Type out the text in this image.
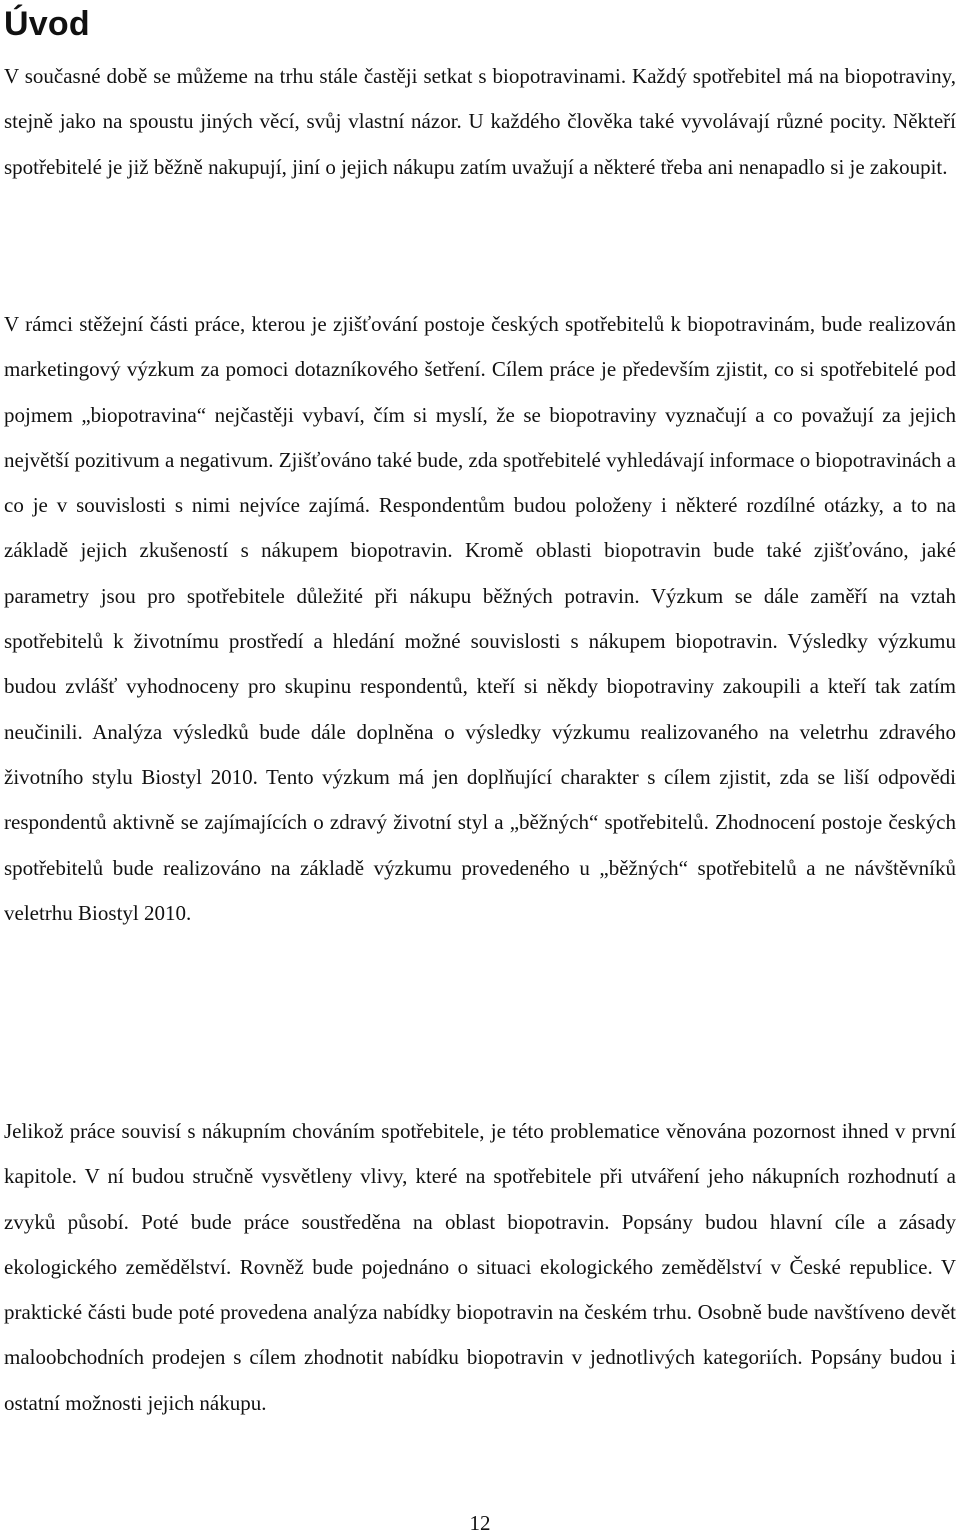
Úvod

V současné době se můžeme na trhu stále častěji setkat s biopotravinami. Každý spotřebitel má na biopotraviny, stejně jako na spoustu jiných věcí, svůj vlastní názor. U každého člověka také vyvolávají různé pocity. Někteří spotřebitelé je již běžně nakupují, jiní o jejich nákupu zatím uvažují a některé třeba ani nenapadlo si je zakoupit.

V rámci stěžejní části práce, kterou je zjišťování postoje českých spotřebitelů k biopotravinám, bude realizován marketingový výzkum za pomoci dotazníkového šetření. Cílem práce je především zjistit, co si spotřebitelé pod pojmem „biopotravina“ nejčastěji vybaví, čím si myslí, že se biopotraviny vyznačují a co považují za jejich největší pozitivum a negativum. Zjišťováno také bude, zda spotřebitelé vyhledávají informace o biopotravinách a co je v souvislosti s nimi nejvíce zajímá. Respondentům budou položeny i některé rozdílné otázky, a to na základě jejich zkušeností s nákupem biopotravin. Kromě oblasti biopotravin bude také zjišťováno, jaké parametry jsou pro spotřebitele důležité při nákupu běžných potravin. Výzkum se dále zaměří na vztah spotřebitelů k životnímu prostředí a hledání možné souvislosti s nákupem biopotravin. Výsledky výzkumu budou zvlášť vyhodnoceny pro skupinu respondentů, kteří si někdy biopotraviny zakoupili a kteří tak zatím neučinili. Analýza výsledků bude dále doplněna o výsledky výzkumu realizovaného na veletrhu zdravého životního stylu Biostyl 2010. Tento výzkum má jen doplňující charakter s cílem zjistit, zda se liší odpovědi respondentů aktivně se zajímajících o zdravý životní styl a „běžných“ spotřebitelů. Zhodnocení postoje českých spotřebitelů bude realizováno na základě výzkumu provedeného u „běžných“ spotřebitelů a ne návštěvníků veletrhu Biostyl 2010.

Jelikož práce souvisí s nákupním chováním spotřebitele, je této problematice věnována pozornost ihned v první kapitole. V ní budou stručně vysvětleny vlivy, které na spotřebitele při utváření jeho nákupních rozhodnutí a zvyků působí. Poté bude práce soustředěna na oblast biopotravin. Popsány budou hlavní cíle a zásady ekologického zemědělství. Rovněž bude pojednáno o situaci ekologického zemědělství v České republice. V praktické části bude poté provedena analýza nabídky biopotravin na českém trhu. Osobně bude navštíveno devět maloobchodních prodejen s cílem zhodnotit nabídku biopotravin v jednotlivých kategoriích. Popsány budou i ostatní možnosti jejich nákupu.

12
